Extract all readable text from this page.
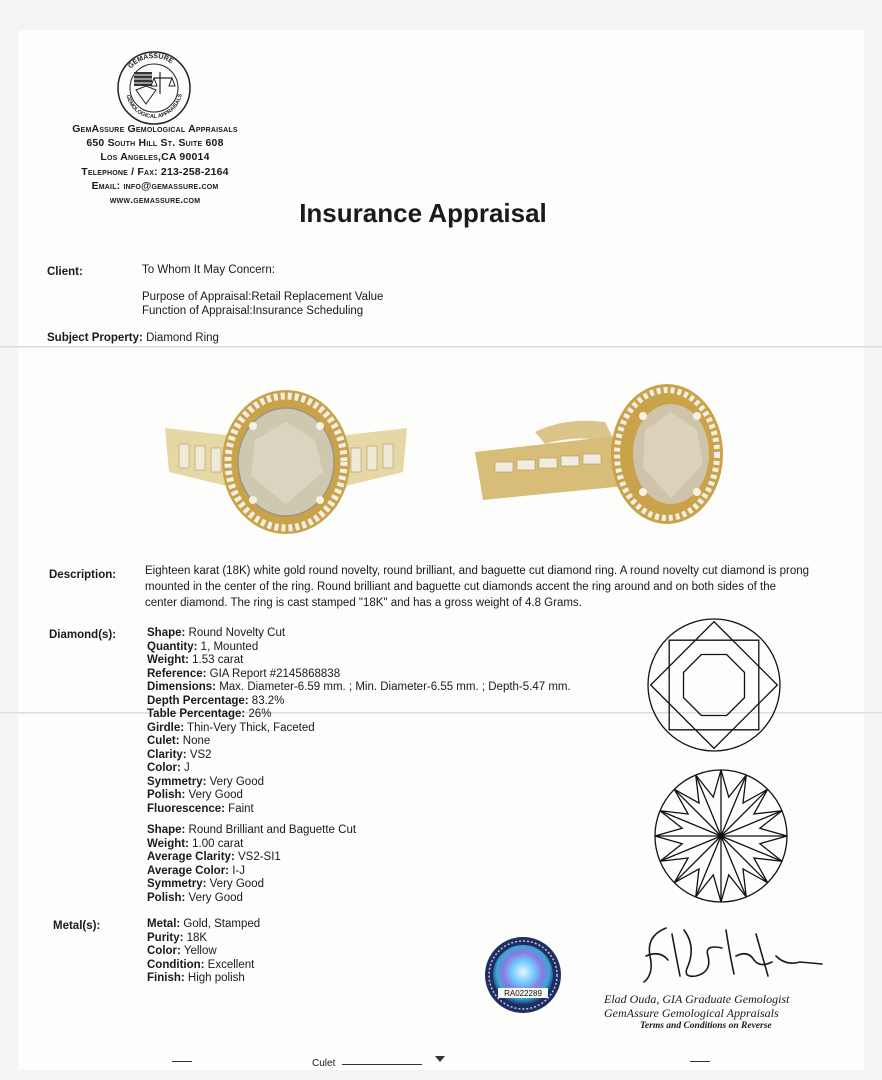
GEMASSURE
GEMOLOGICAL APPRAISALS
GemAssure Gemological Appraisals
650 South Hill St. Suite 608
Los Angeles,CA 90014
Telephone / Fax: 213-258-2164
Email: info@gemassure.com
www.gemassure.com	Insurance Appraisal
Client:	To Whom It May Concern:
Purpose of Appraisal:Retail Replacement Value
Function of Appraisal:Insurance Scheduling
Subject Property: Diamond Ring
Description:	Eighteen karat (18K) white gold round novelty, round brilliant, and baguette cut diamond ring. A round novelty cut diamond is prong mounted in the center of the ring. Round brilliant and baguette cut diamonds accent the ring around and on both sides of the center diamond. The ring is cast stamped "18K" and has a gross weight of 4.8 Grams.
Diamond(s):	Shape: Round Novelty Cut
Quantity: 1, Mounted
Weight: 1.53 carat
Reference: GIA Report #2145868838
Dimensions: Max. Diameter-6.59 mm. ; Min. Diameter-6.55 mm. ; Depth-5.47 mm.
Depth Percentage: 83.2%
Table Percentage: 26%
Girdle: Thin-Very Thick, Faceted
Culet: None
Clarity: VS2
Color: J
Symmetry: Very Good
Polish: Very Good
Fluorescence: Faint
Shape: Round Brilliant and Baguette Cut
Weight: 1.00 carat
Average Clarity: VS2-SI1
Average Color: I-J
Symmetry: Very Good
Polish: Very Good
Metal(s):	Metal: Gold, Stamped
Purity: 18K
Color: Yellow
Condition: Excellent
Finish: High polish
RA022289	Elad Ouda, GIA Graduate Gemologist
GemAssure Gemological Appraisals
Terms and Conditions on Reverse
Culet
